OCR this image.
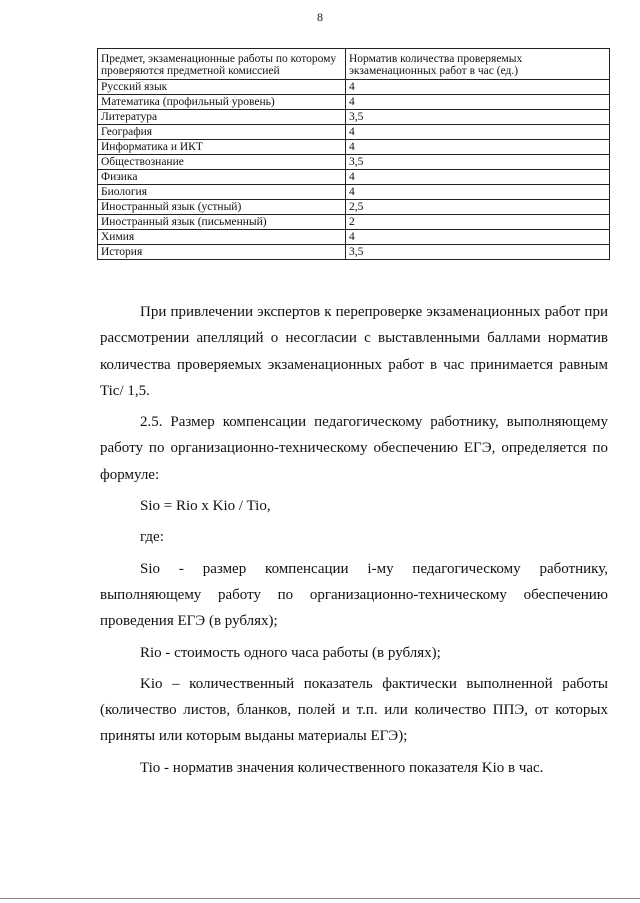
8
Предмет, экзаменационные работы по которому проверяются предметной комиссией	Норматив количества проверяемых экзаменационных работ в час (ед.)
Русский язык	4
Математика (профильный уровень)	4
Литература	3,5
География	4
Информатика и ИКТ	4
Обществознание	3,5
Физика	4
Биология	4
Иностранный язык (устный)	2,5
Иностранный язык (письменный)	2
Химия	4
История	3,5

При привлечении экспертов к перепроверке экзаменационных работ при рассмотрении апелляций о несогласии с выставленными баллами норматив количества проверяемых экзаменационных работ в час принимается равным Tic/ 1,5.

2.5. Размер компенсации педагогическому работнику, выполняющему работу по организационно-техническому обеспечению ЕГЭ, определяется по формуле:

Sio = Rio x Kio / Tio,

где:

Sio - размер компенсации i-му педагогическому работнику, выполняющему работу по организационно-техническому обеспечению проведения ЕГЭ (в рублях);

Rio - стоимость одного часа работы (в рублях);

Kio – количественный показатель фактически выполненной работы (количество листов, бланков, полей и т.п. или количество ППЭ, от которых приняты или которым выданы материалы ЕГЭ);

Tio - норматив значения количественного показателя Kio в час.
